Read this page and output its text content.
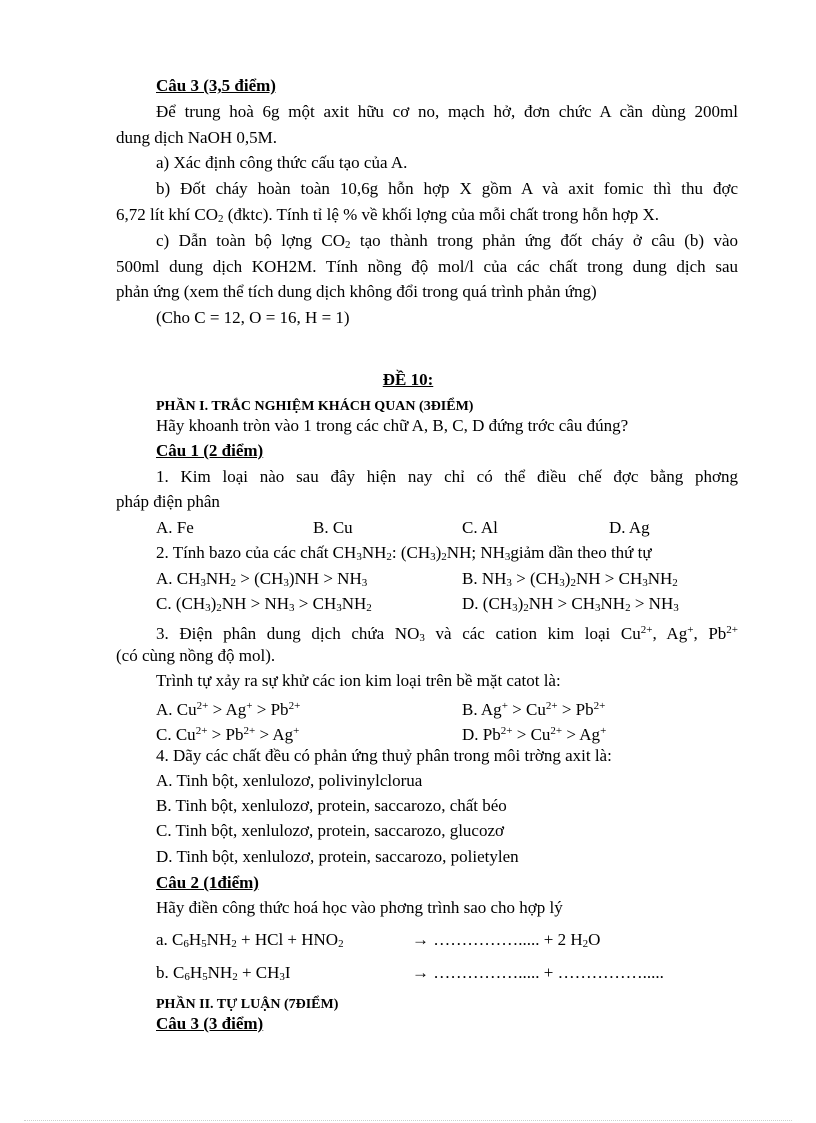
Câu 3 (3,5 điểm)
Để trung hoà 6g một axit hữu cơ no, mạch hở, đơn chức A cần dùng 200ml
dung dịch NaOH 0,5M.
a) Xác định công thức cấu tạo của A.
b) Đốt cháy hoàn toàn 10,6g hỗn hợp X gồm A và axit fomic thì thu đợc
6,72 lít khí $CO_2$ (đktc). Tính tỉ lệ % về khối lợng của mỗi chất trong hỗn hợp X.
c) Dẫn toàn bộ lợng $CO_2$ tạo thành trong phản ứng đốt cháy ở câu (b) vào
500ml dung dịch KOH2M. Tính nồng độ mol/l của các chất trong dung dịch sau
phản ứng (xem thể tích dung dịch không đổi trong quá trình phản ứng)
(Cho C = 12, O = 16, H = 1)
ĐỀ 10:
PHẦN I. TRẮC NGHIỆM KHÁCH QUAN (3ĐIỂM)
Hãy khoanh tròn vào 1 trong các chữ A, B, C, D đứng trớc câu đúng?
Câu 1 (2 điểm)
1. Kim loại nào sau đây hiện nay chỉ có thể điều chế đợc bằng phơng
pháp điện phân
A. Fe	B. Cu	C. Al	D. Ag
2. Tính bazo của các chất $CH_3NH_2$: $(CH_3)_2NH$; $NH_3giảm$ dần theo thứ tự
A. $CH_3NH_2 > (CH_3)NH > NH_3$	B. $NH_3 > (CH_3)_2NH > CH_3NH_2$
C. $(CH_3)_2NH > NH_3 > CH_3NH_2$	D. $(CH_3)_2NH > CH_3NH_2 > NH_3$
3. Điện phân dung dịch chứa $NO_3$ và các cation kim loại $Cu^{2+}$, Ag+, $Pb^{2+}$
(có cùng nồng độ mol).
Trình tự xảy ra sự khử các ion kim loại trên bề mặt catot là:
A. $Cu^{2+} > Ag^+ > Pb^{2+}$	B. $Ag^+ > Cu^{2+} > Pb^{2+}$
C. $Cu^{2+} > Pb^{2+} > Ag^+$	D. $Pb^{2+} > Cu^{2+} > Ag^+$
4. Dãy các chất đều có phản ứng thuỷ phân trong môi trờng axit là:
A. Tinh bột, xenlulozơ, polivinylclorua
B. Tinh bột, xenlulozơ, protein, saccarozo, chất béo
C. Tinh bột, xenlulozơ, protein, saccarozo, glucozơ
D. Tinh bột, xenlulozơ, protein, saccarozo, polietylen
Câu 2 (1điểm)
Hãy điền công thức hoá học vào phơng trình sao cho hợp lý
a. $C_6H_5NH_2$ + HCl + $HNO_2$	→ ……………..... + 2 $H_2O$
b. $C_6H_5NH_2 + CH_3I$	→ ……………..... + …………….....
PHẦN II. TỰ LUẬN (7ĐIỂM)
Câu 3 (3 điểm)
